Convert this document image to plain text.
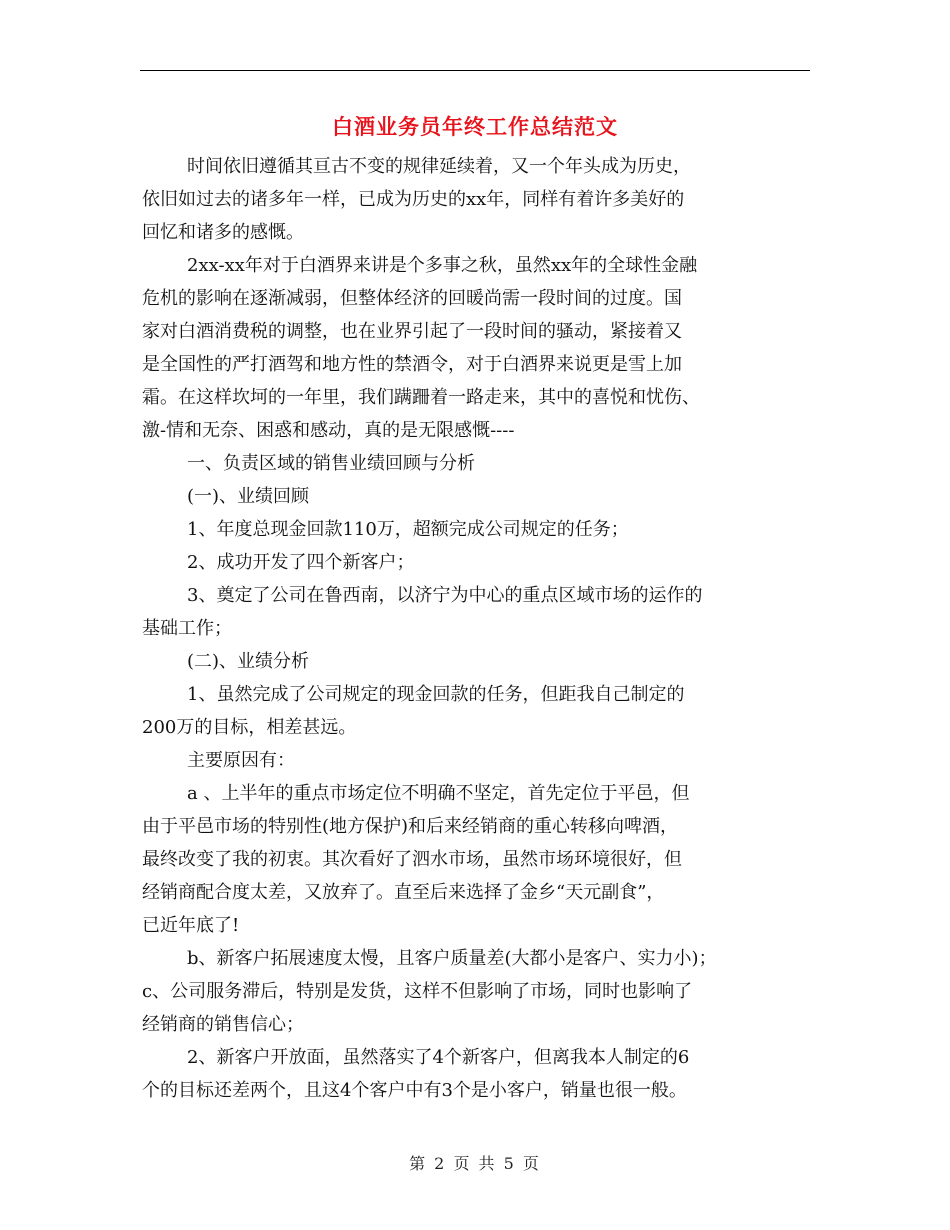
白酒业务员年终工作总结范文
时间依旧遵循其亘古不变的规律延续着，又一个年头成为历史，
依旧如过去的诸多年一样，已成为历史的xx年，同样有着许多美好的
回忆和诸多的感慨。
2xx-xx年对于白酒界来讲是个多事之秋，虽然xx年的全球性金融
危机的影响在逐渐减弱，但整体经济的回暖尚需一段时间的过度。国
家对白酒消费税的调整，也在业界引起了一段时间的骚动，紧接着又
是全国性的严打酒驾和地方性的禁酒令，对于白酒界来说更是雪上加
霜。在这样坎坷的一年里，我们蹒跚着一路走来，其中的喜悦和忧伤、
激-情和无奈、困惑和感动，真的是无限感慨----
一、负责区域的销售业绩回顾与分析
(一)、业绩回顾
1、年度总现金回款110万，超额完成公司规定的任务；
2、成功开发了四个新客户；
3、奠定了公司在鲁西南，以济宁为中心的重点区域市场的运作的
基础工作；
(二)、业绩分析
1、虽然完成了公司规定的现金回款的任务，但距我自己制定的
200万的目标，相差甚远。
主要原因有：
a 、上半年的重点市场定位不明确不坚定，首先定位于平邑，但
由于平邑市场的特别性(地方保护)和后来经销商的重心转移向啤酒，
最终改变了我的初衷。其次看好了泗水市场，虽然市场环境很好，但
经销商配合度太差，又放弃了。直至后来选择了金乡“天元副食”，
已近年底了!
b、新客户拓展速度太慢，且客户质量差(大都小是客户、实力小)；
c、公司服务滞后，特别是发货，这样不但影响了市场，同时也影响了
经销商的销售信心；
2、新客户开放面，虽然落实了4个新客户，但离我本人制定的6
个的目标还差两个，且这4个客户中有3个是小客户，销量也很一般。
第 2 页 共 5 页
